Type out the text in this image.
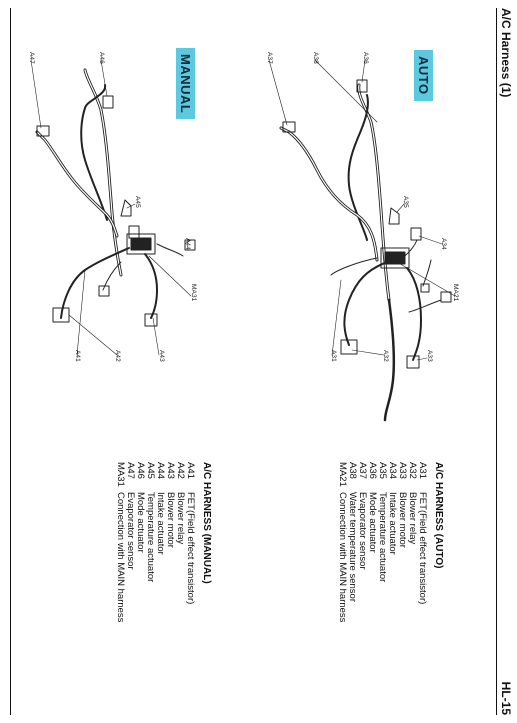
A/C Harness (1)
HL-15
AUTO
A36
A37	A38
A35
A34
MA21
A33
A32
A31
MANUAL
A46
A47
A45
A44
MA31
A43
A42
A41
A/C HARNESS (AUTO)
A31
FET(Field effect transistor)
A32
Blower relay
A33
Blower motor
A34
Intake actuator
A35
Temperature actuator
A36
Mode actuator
A37
Evaporator sensor
A38
Water temperature sensor
MA21
Connection with MAIN harness
A/C HARNESS (MANUAL)
A41
FET(Field effect transistor)
A42
Blower relay
A43
Blower motor
A44
Intake actuator
A45
Temperature actuator
A46
Mode actuator
A47
Evaporator sensor
MA31
Connection with MAIN harness
